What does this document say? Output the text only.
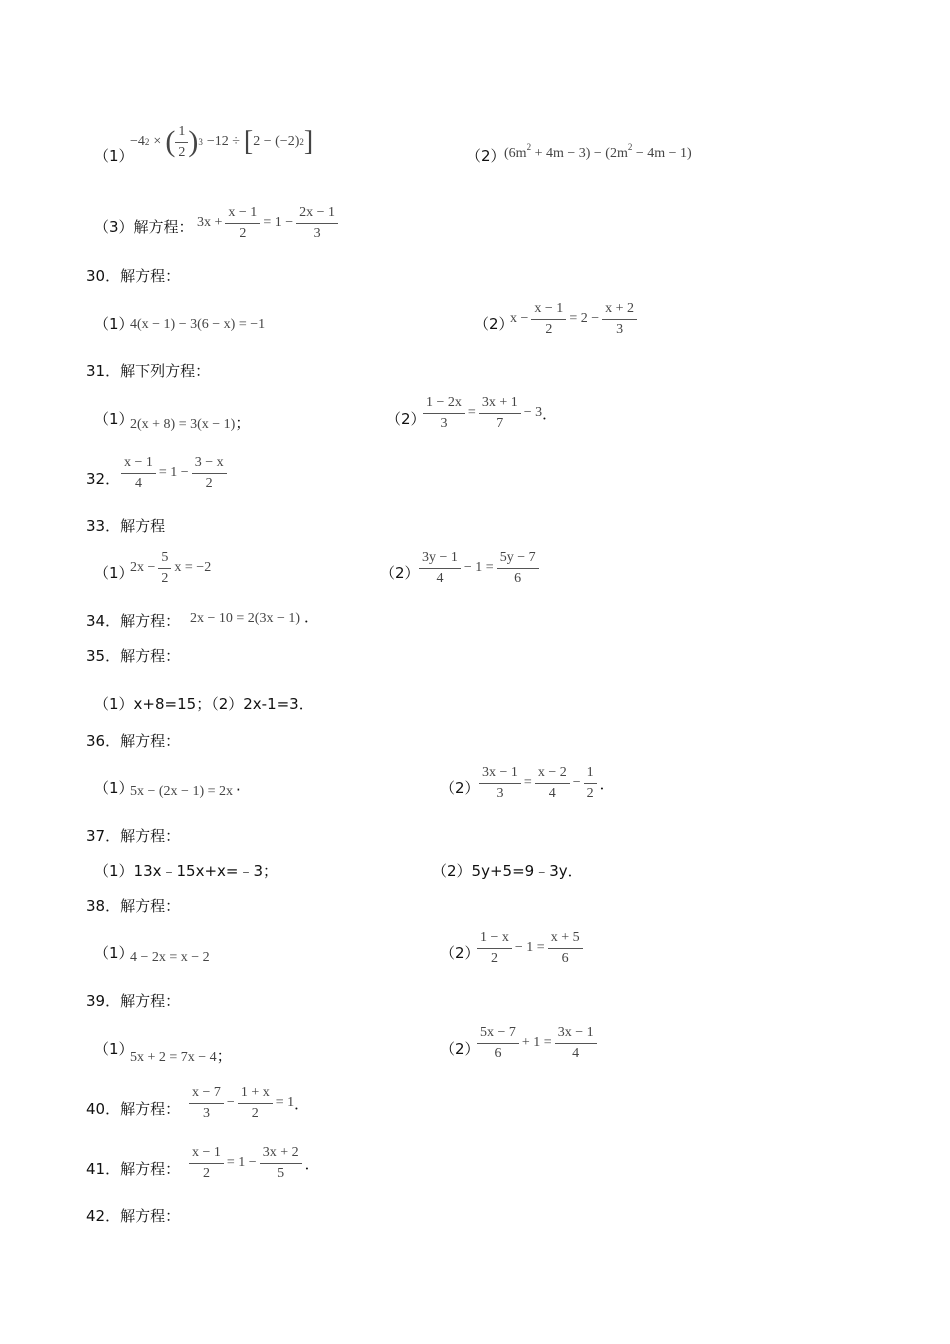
（1）
−4 2 × ( $\frac{1}{2}$ ) 3 −12 ÷ [ 2 − (−2) 2 ]	（2）
$(6m^2 + 4m - 3) - (2m^2 - 4m - 1)$
（3）解方程： $3x + \frac{x - 1}{2} = 1 - \frac{2x - 1}{3}$
30．解方程：
（1）
4(x − 1) − 3(6 − x) = −1	（2）
$x - \frac{x - 1}{2} = 2 - \frac{x + 2}{3}$
31．解下列方程：
（1）
2(x + 8) = 3(x − 1)；	（2）
$\frac{1 - 2x}{3} = \frac{3x + 1}{7} - 3$ ．
32． $\frac{x - 1}{4} = 1 - \frac{3 - x}{2}$
33．解方程
（1）
$2x - \frac{5}{2}$ x = −2	$(2) \frac{3y - 1}{4} - 1 = \frac{5y - 7}{6}$
34．解方程： 2x − 10 = 2(3x − 1) ．
35．解方程：
（1）x+8=15；（2）2x-1=3．
36．解方程：
（1）
5x − (2x − 1) = 2x ·	$(2) \frac{3x - 1}{3} = \frac{x - 2}{4} - \frac{1}{2}$ ．
37．解方程：
（1）13x﹣15x+x=﹣3；	（2）5y+5=9﹣3y．
38．解方程：
（1）
4 − 2x = x − 2	（2）
$\frac{1 - x}{2} - 1 = \frac{x + 5}{6}$
39．解方程：
（1）
5x + 2 = 7x − 4；	（2）
$\frac{5x - 7}{6} + 1 = \frac{3x - 1}{4}$
40．解方程： $\frac{x - 7}{3} - \frac{1 + x}{2} = 1$ ．
41．解方程： $\frac{x - 1}{2} = 1 - \frac{3x + 2}{5}$ ．
42．解方程：
